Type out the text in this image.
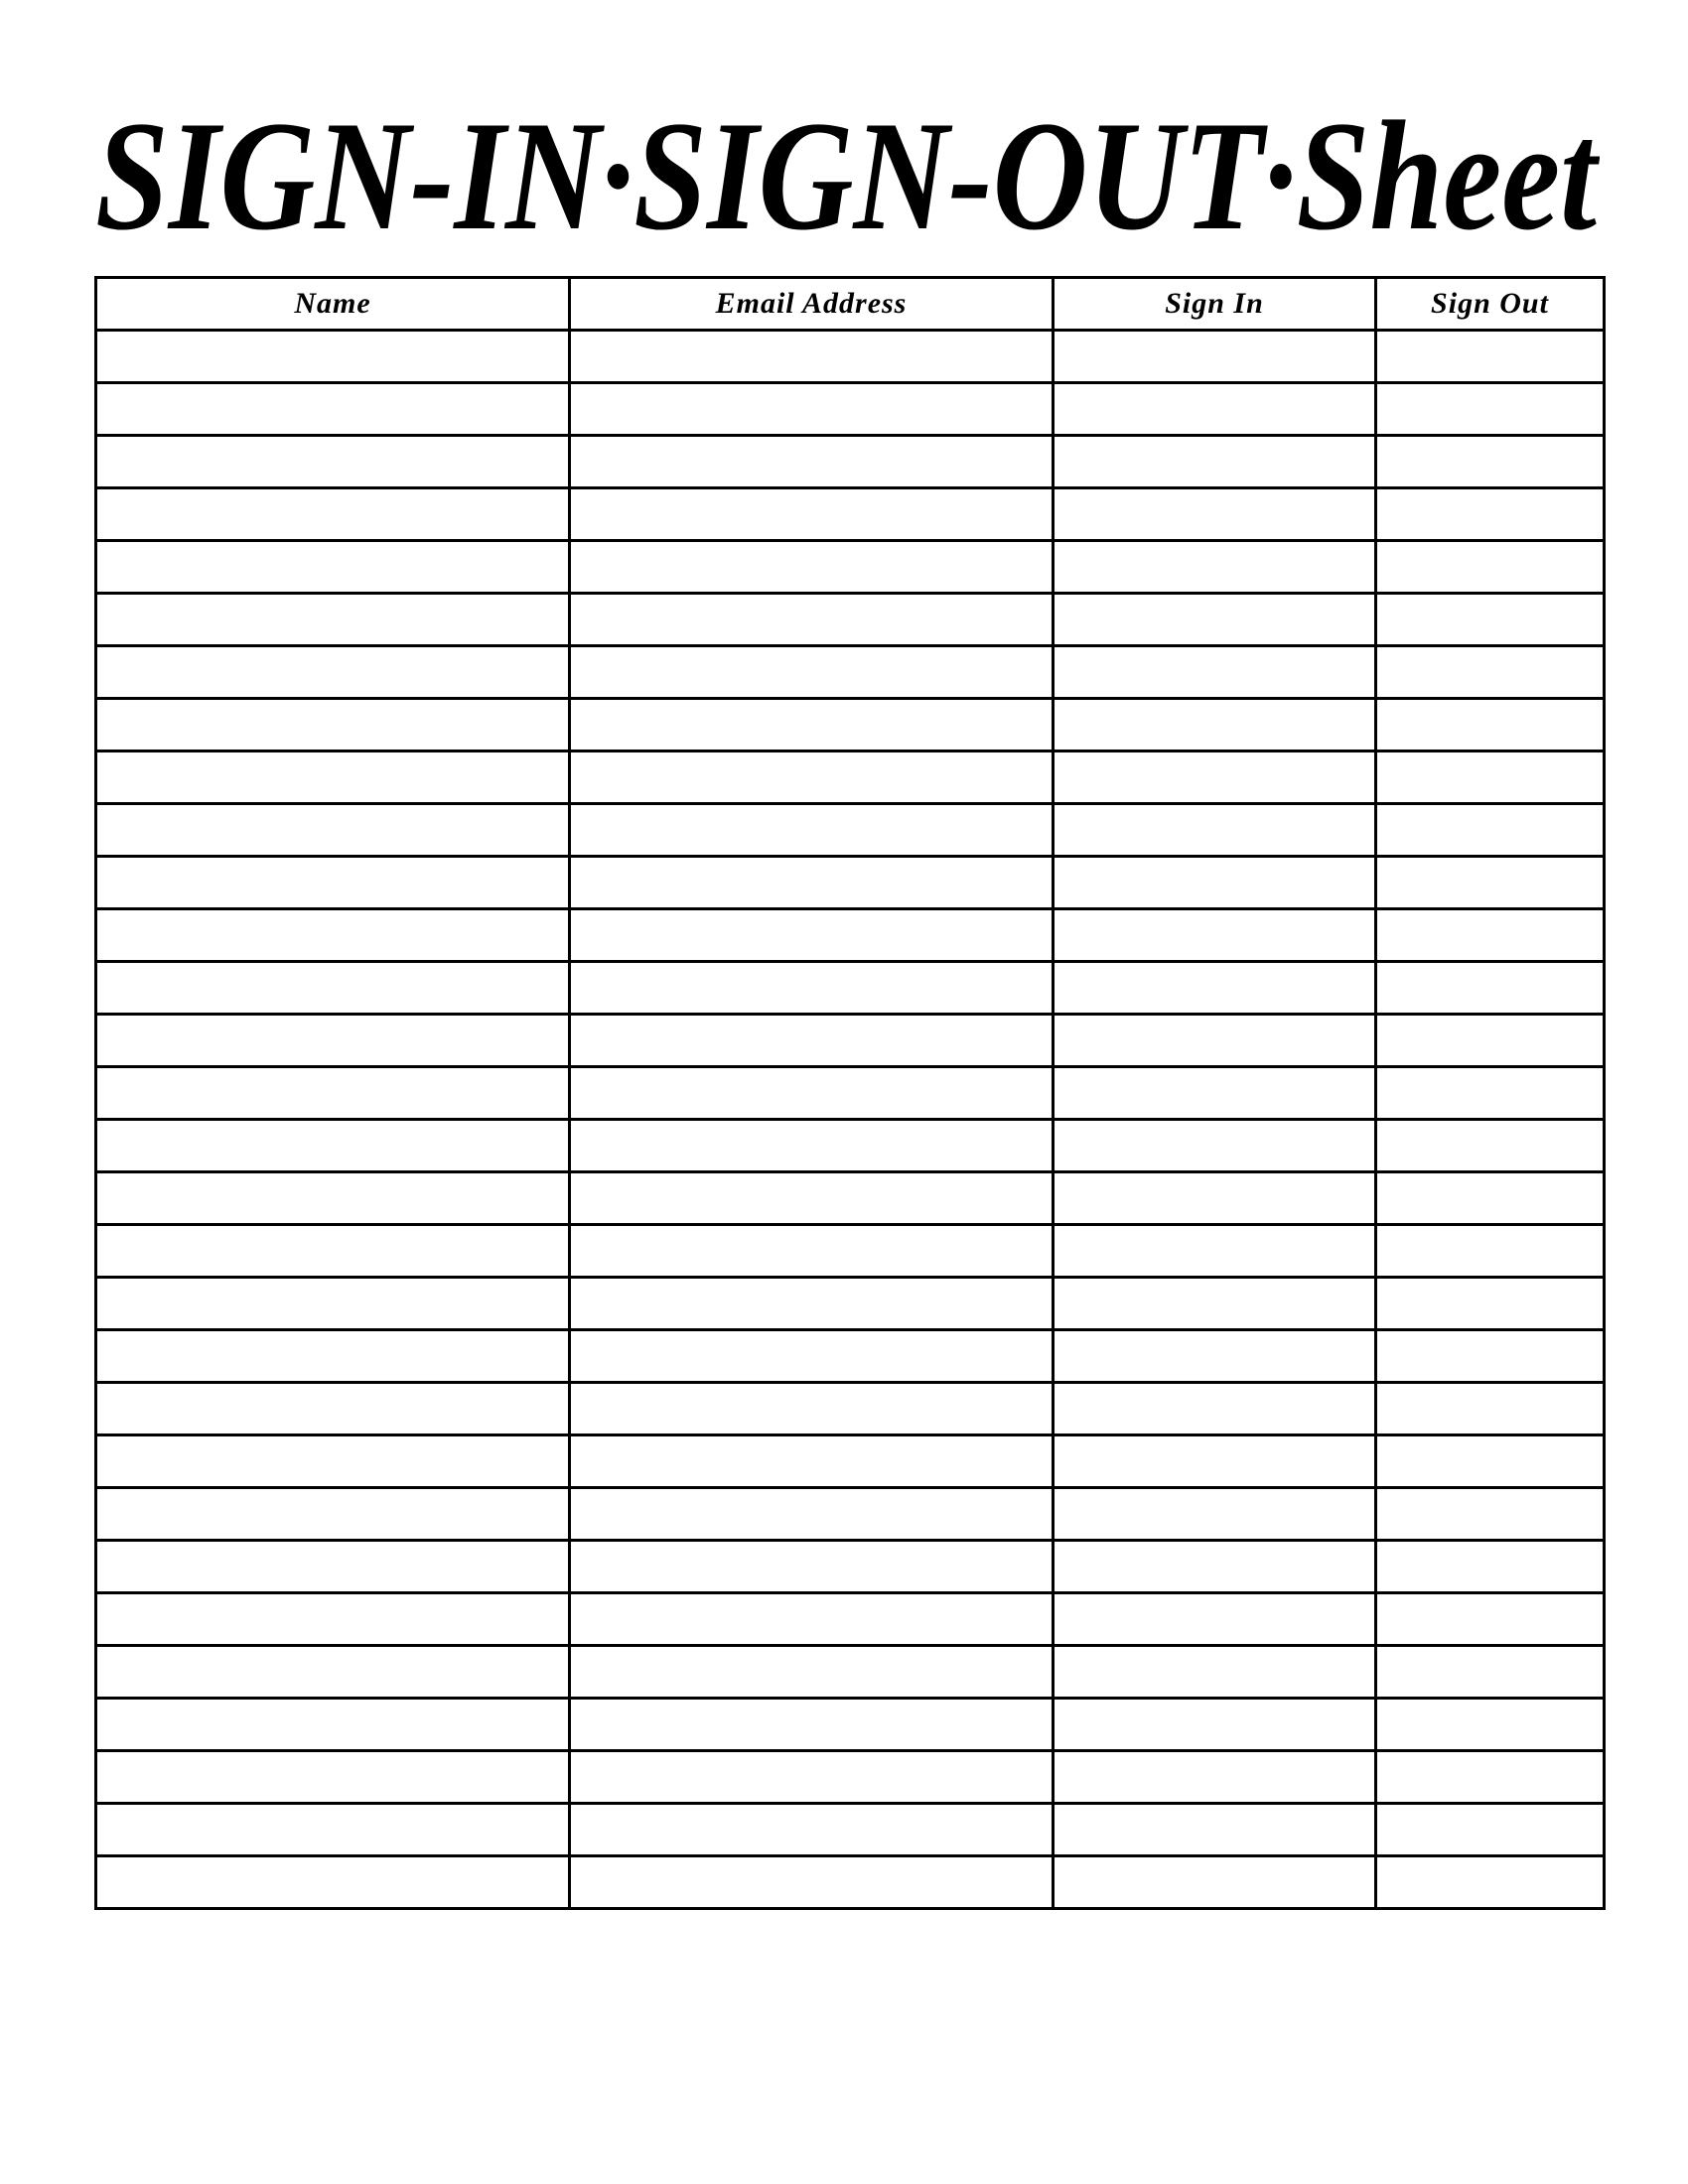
SIGN-IN·SIGN-OUT·Sheet
Name	Email Address	Sign In	Sign Out
